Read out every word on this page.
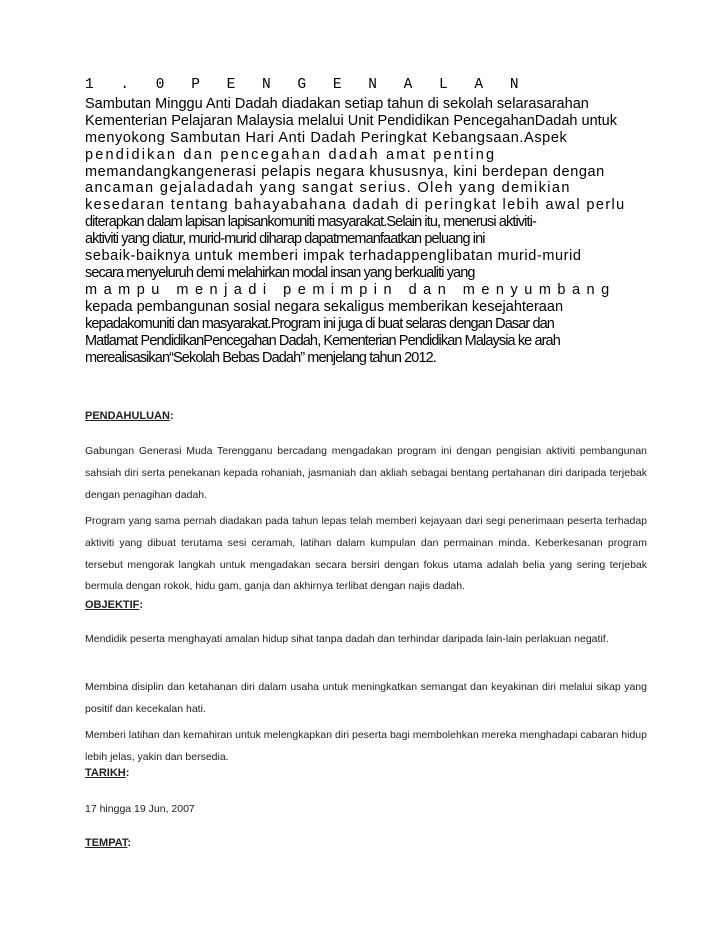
1 . 0 P E N G E N A L A N
Sambutan Minggu Anti Dadah diadakan setiap tahun di sekolah selarasarahan
Kementerian Pelajaran Malaysia melalui Unit Pendidikan PencegahanDadah untuk
menyokong Sambutan Hari Anti Dadah Peringkat Kebangsaan.Aspek
pendidikan dan pencegahan dadah amat penting
memandangkangenerasi pelapis negara khususnya, kini berdepan dengan
ancaman gejaladadah yang sangat serius. Oleh yang demikian
kesedaran tentang bahayabahana dadah di peringkat lebih awal perlu
diterapkan dalam lapisan lapisankomuniti masyarakat.Selain itu, menerusi aktiviti-
aktiviti yang diatur, murid-murid diharap dapatmemanfaatkan peluang ini
sebaik-baiknya untuk memberi impak terhadappenglibatan murid-murid
secara menyeluruh demi melahirkan modal insan yang berkualiti yang
mampu menjadi pemimpin dan menyumbang
kepada pembangunan sosial negara sekaligus memberikan kesejahteraan
kepadakomuniti dan masyarakat.Program ini juga di buat selaras dengan Dasar dan
Matlamat PendidikanPencegahan Dadah, Kementerian Pendidikan Malaysia ke arah
merealisasikan“Sekolah Bebas Dadah” menjelang tahun 2012.
PENDAHULUAN:
Gabungan Generasi Muda Terengganu bercadang mengadakan program ini dengan pengisian aktiviti pembangunan sahsiah diri serta penekanan kepada rohaniah, jasmaniah dan akliah sebagai bentang pertahanan diri daripada terjebak dengan penagihan dadah.
Program yang sama pernah diadakan pada tahun lepas telah memberi kejayaan dari segi penerimaan peserta terhadap aktiviti yang dibuat terutama sesi ceramah, latihan dalam kumpulan dan permainan minda. Keberkesanan program tersebut mengorak langkah untuk mengadakan secara bersiri dengan fokus utama adalah belia yang sering terjebak bermula dengan rokok, hidu gam, ganja dan akhirnya terlibat dengan najis dadah.
OBJEKTIF:
Mendidik peserta menghayati amalan hidup sihat tanpa dadah dan terhindar daripada lain-lain perlakuan negatif.
Membina disiplin dan ketahanan diri dalam usaha untuk meningkatkan semangat dan keyakinan diri melalui sikap yang positif dan kecekalan hati.
Memberi latihan dan kemahiran untuk melengkapkan diri peserta bagi membolehkan mereka menghadapi cabaran hidup lebih jelas, yakin dan bersedia.
TARIKH:
17 hingga 19 Jun, 2007
TEMPAT:
